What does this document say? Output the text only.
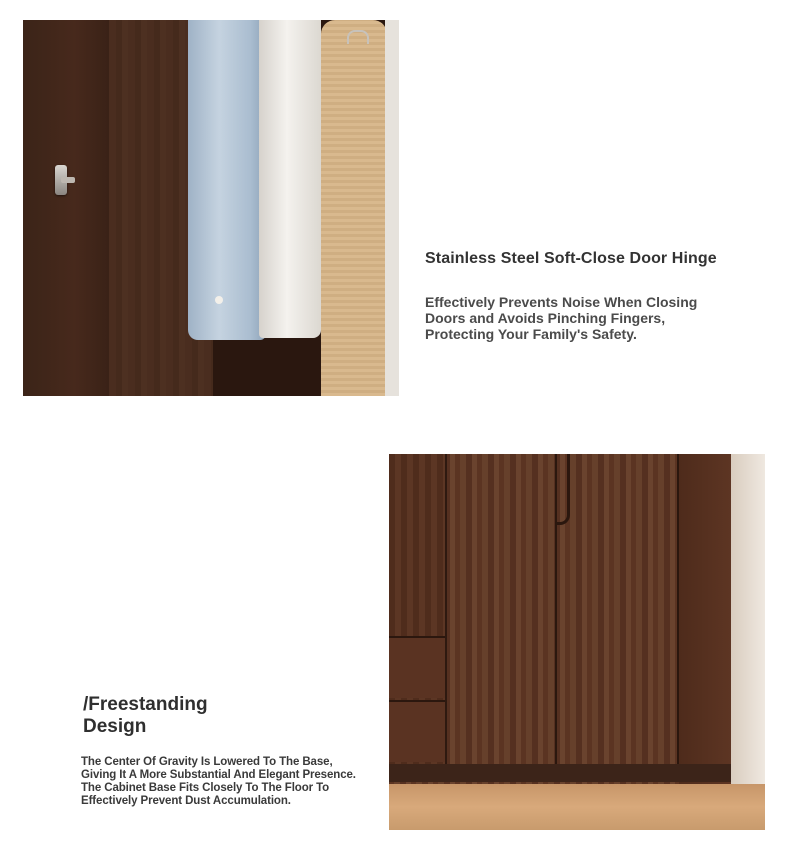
Stainless Steel Soft-Close Door Hinge

Effectively Prevents Noise When Closing
Doors and Avoids Pinching Fingers,
Protecting Your Family's Safety.

/Freestanding
Design

The Center Of Gravity Is Lowered To The Base,
Giving It A More Substantial And Elegant Presence.
The Cabinet Base Fits Closely To The Floor To
Effectively Prevent Dust Accumulation.
